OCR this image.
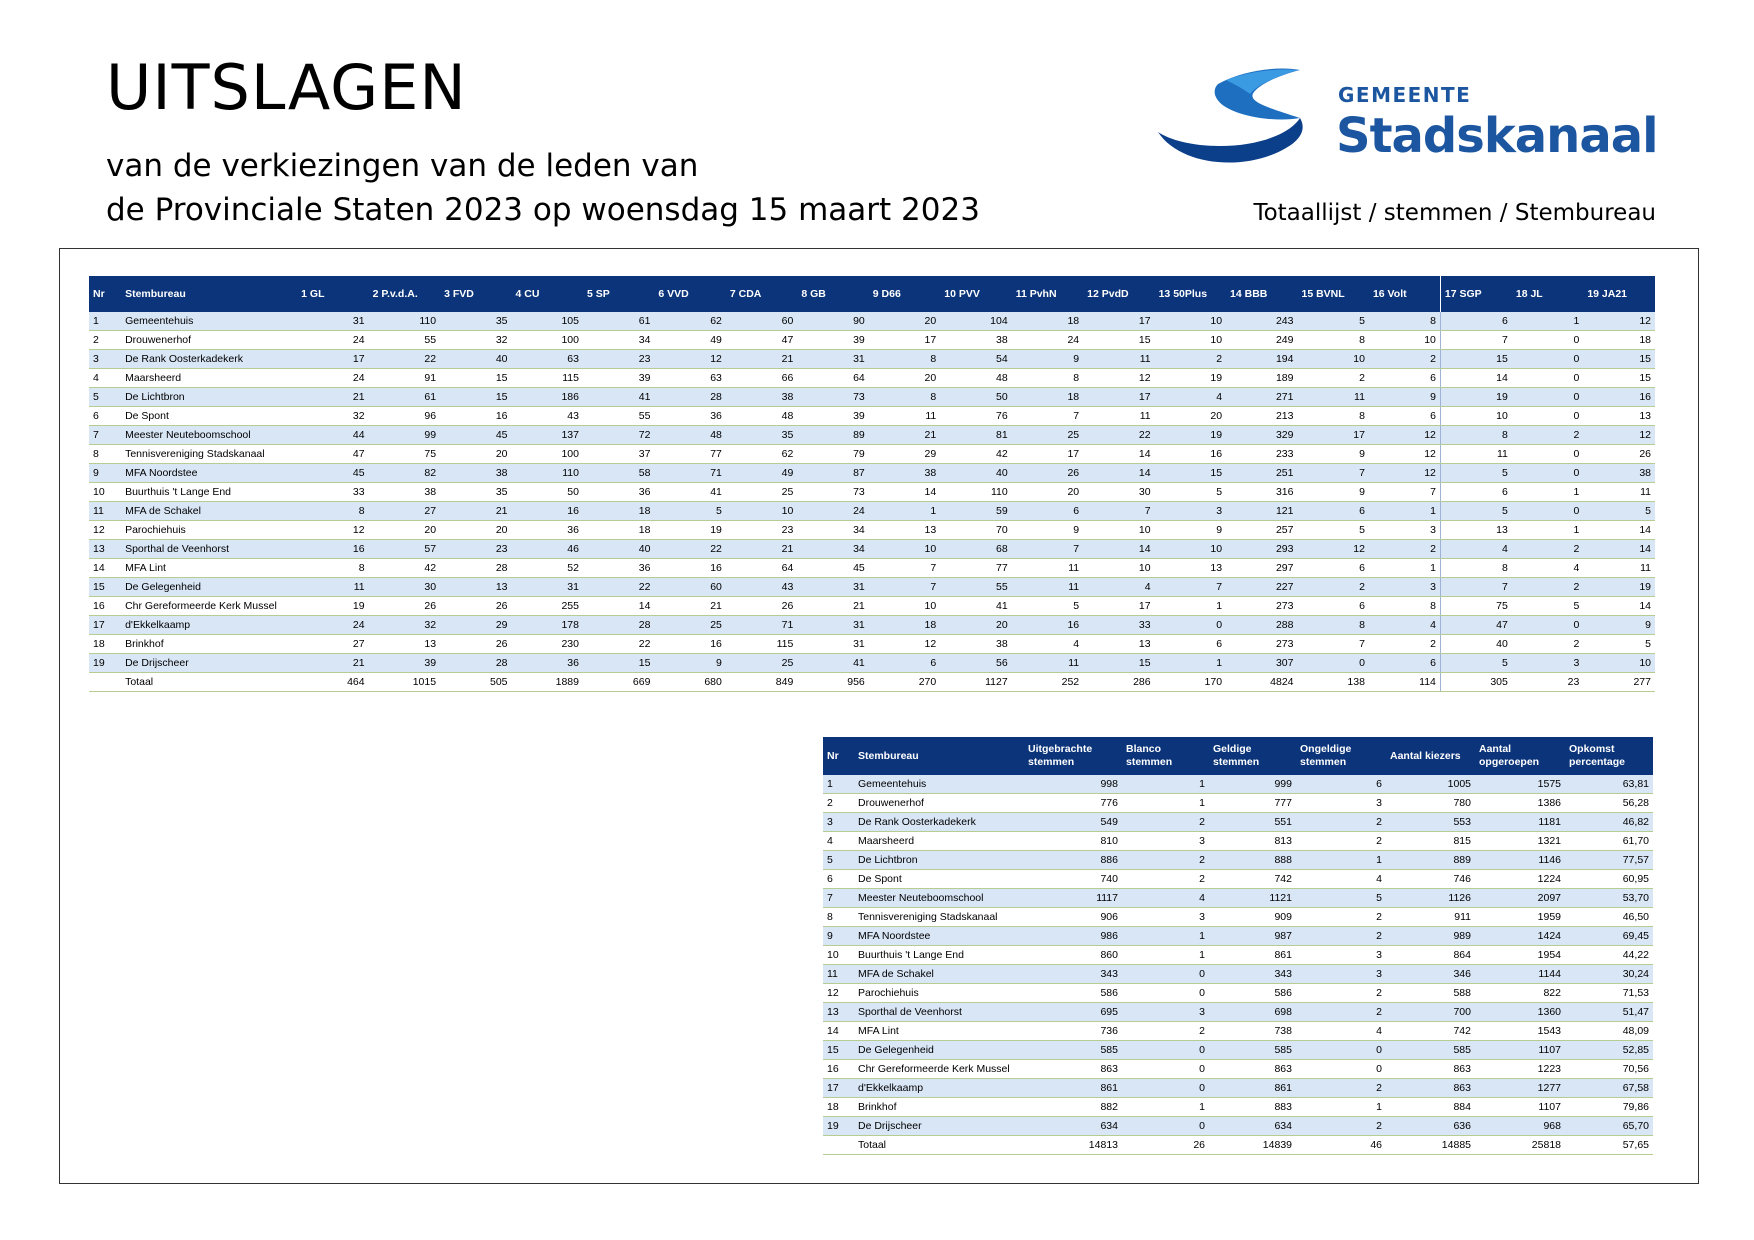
UITSLAGEN

van de verkiezingen van de leden van
de Provinciale Staten 2023 op woensdag 15 maart 2023

GEMEENTE
Stadskanaal
Totaallijst / stemmen / Stembureau
Nr	Stembureau	1 GL	2 P.v.d.A.	3 FVD	4 CU	5 SP	6 VVD	7 CDA	8 GB	9 D66	10 PVV	11 PvhN	12 PvdD	13 50Plus	14 BBB	15 BVNL	16 Volt	17 SGP	18 JL	19 JA21
1	Gemeentehuis	31	110	35	105	61	62	60	90	20	104	18	17	10	243	5	8	6	1	12
2	Drouwenerhof	24	55	32	100	34	49	47	39	17	38	24	15	10	249	8	10	7	0	18
3	De Rank Oosterkadekerk	17	22	40	63	23	12	21	31	8	54	9	11	2	194	10	2	15	0	15
4	Maarsheerd	24	91	15	115	39	63	66	64	20	48	8	12	19	189	2	6	14	0	15
5	De Lichtbron	21	61	15	186	41	28	38	73	8	50	18	17	4	271	11	9	19	0	16
6	De Spont	32	96	16	43	55	36	48	39	11	76	7	11	20	213	8	6	10	0	13
7	Meester Neuteboomschool	44	99	45	137	72	48	35	89	21	81	25	22	19	329	17	12	8	2	12
8	Tennisvereniging Stadskanaal	47	75	20	100	37	77	62	79	29	42	17	14	16	233	9	12	11	0	26
9	MFA Noordstee	45	82	38	110	58	71	49	87	38	40	26	14	15	251	7	12	5	0	38
10	Buurthuis 't Lange End	33	38	35	50	36	41	25	73	14	110	20	30	5	316	9	7	6	1	11
11	MFA de Schakel	8	27	21	16	18	5	10	24	1	59	6	7	3	121	6	1	5	0	5
12	Parochiehuis	12	20	20	36	18	19	23	34	13	70	9	10	9	257	5	3	13	1	14
13	Sporthal de Veenhorst	16	57	23	46	40	22	21	34	10	68	7	14	10	293	12	2	4	2	14
14	MFA Lint	8	42	28	52	36	16	64	45	7	77	11	10	13	297	6	1	8	4	11
15	De Gelegenheid	11	30	13	31	22	60	43	31	7	55	11	4	7	227	2	3	7	2	19
16	Chr Gereformeerde Kerk Mussel	19	26	26	255	14	21	26	21	10	41	5	17	1	273	6	8	75	5	14
17	d'Ekkelkaamp	24	32	29	178	28	25	71	31	18	20	16	33	0	288	8	4	47	0	9
18	Brinkhof	27	13	26	230	22	16	115	31	12	38	4	13	6	273	7	2	40	2	5
19	De Drijscheer	21	39	28	36	15	9	25	41	6	56	11	15	1	307	0	6	5	3	10
	Totaal	464	1015	505	1889	669	680	849	956	270	1127	252	286	170	4824	138	114	305	23	277
Nr	Stembureau	Uitgebrachte stemmen	Blanco stemmen	Geldige stemmen	Ongeldige stemmen	Aantal kiezers	Aantal opgeroepen	Opkomst percentage
1	Gemeentehuis	998	1	999	6	1005	1575	63,81
2	Drouwenerhof	776	1	777	3	780	1386	56,28
3	De Rank Oosterkadekerk	549	2	551	2	553	1181	46,82
4	Maarsheerd	810	3	813	2	815	1321	61,70
5	De Lichtbron	886	2	888	1	889	1146	77,57
6	De Spont	740	2	742	4	746	1224	60,95
7	Meester Neuteboomschool	1117	4	1121	5	1126	2097	53,70
8	Tennisvereniging Stadskanaal	906	3	909	2	911	1959	46,50
9	MFA Noordstee	986	1	987	2	989	1424	69,45
10	Buurthuis 't Lange End	860	1	861	3	864	1954	44,22
11	MFA de Schakel	343	0	343	3	346	1144	30,24
12	Parochiehuis	586	0	586	2	588	822	71,53
13	Sporthal de Veenhorst	695	3	698	2	700	1360	51,47
14	MFA Lint	736	2	738	4	742	1543	48,09
15	De Gelegenheid	585	0	585	0	585	1107	52,85
16	Chr Gereformeerde Kerk Mussel	863	0	863	0	863	1223	70,56
17	d'Ekkelkaamp	861	0	861	2	863	1277	67,58
18	Brinkhof	882	1	883	1	884	1107	79,86
19	De Drijscheer	634	0	634	2	636	968	65,70
	Totaal	14813	26	14839	46	14885	25818	57,65
